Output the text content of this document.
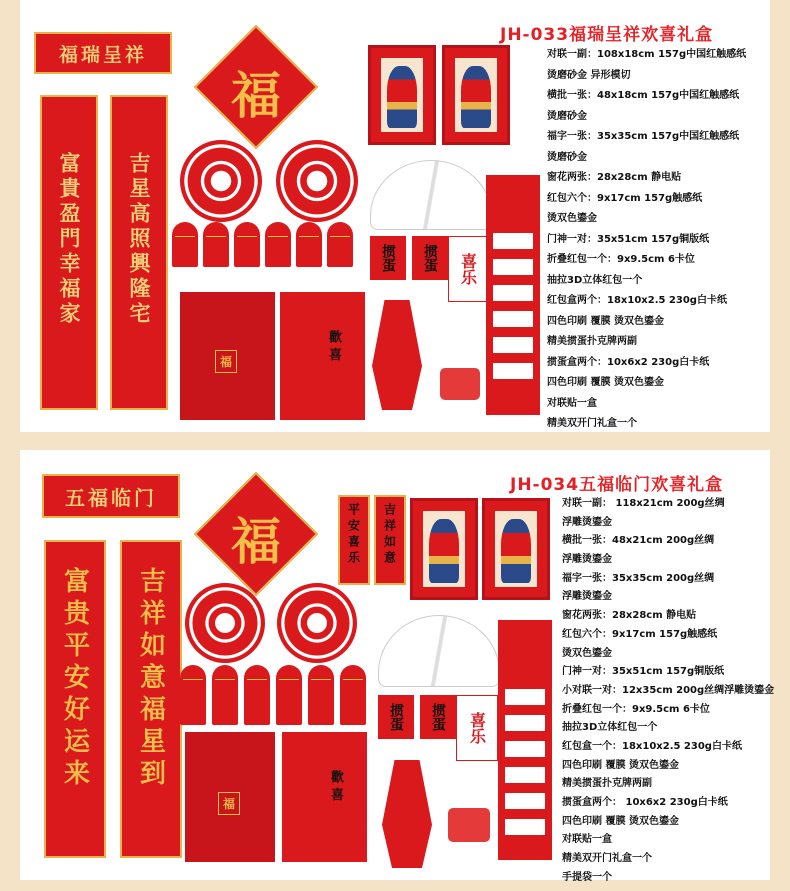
JH-033福瑞呈祥欢喜礼盒
福瑞呈祥
富貴盈門幸福家 吉星高照興隆宅
福
福
歡 喜
掼蛋	掼蛋	喜乐
对联一副：108x18cm 157g中国红触感纸
烫磨砂金 异形模切
横批一张：48x18cm 157g中国红触感纸
烫磨砂金
福字一张：35x35cm 157g中国红触感纸
烫磨砂金
窗花两张：28x28cm 静电贴
红包六个：9x17cm 157g触感纸
烫双色鎏金
门神一对：35x51cm 157g铜版纸
折叠红包一个：9x9.5cm 6卡位
抽拉3D立体红包一个
红包盒两个：18x10x2.5 230g白卡纸
四色印刷 覆膜 烫双色鎏金
精美掼蛋扑克牌两副
掼蛋盒两个：10x6x2 230g白卡纸
四色印刷 覆膜 烫双色鎏金
对联贴一盒
精美双开门礼盒一个
JH-034五福临门欢喜礼盒
五福临门
富贵平安好运来 吉祥如意福星到
福	平安喜乐 吉祥如意
福
歡 喜
掼蛋	掼蛋	喜乐
对联一副： 118x21cm 200g丝绸
浮雕烫鎏金
横批一张：48x21cm 200g丝绸
浮雕烫鎏金
福字一张：35x35cm 200g丝绸
浮雕烫鎏金
窗花两张：28x28cm 静电贴
红包六个：9x17cm 157g触感纸
烫双色鎏金
门神一对：35x51cm 157g铜版纸
小对联一对：12x35cm 200g丝绸浮雕烫鎏金
折叠红包一个：9x9.5cm 6卡位
抽拉3D立体红包一个
红包盒一个：18x10x2.5 230g白卡纸
四色印刷 覆膜 烫双色鎏金
精美掼蛋扑克牌两副
掼蛋盒两个： 10x6x2 230g白卡纸
四色印刷 覆膜 烫双色鎏金
对联贴一盒
精美双开门礼盒一个
手提袋一个
